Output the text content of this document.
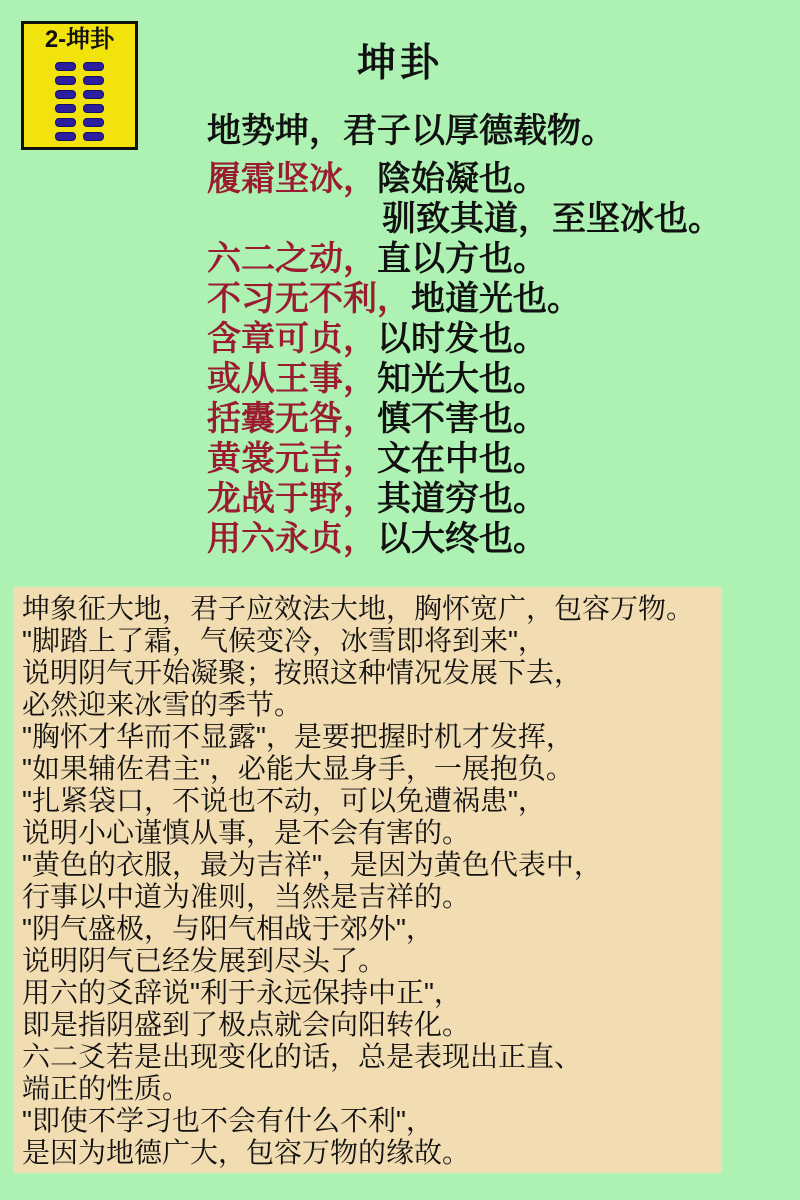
2-坤卦
坤卦
地势坤，君子以厚德载物。
履霜坚冰，陰始凝也。
驯致其道，至坚冰也。
六二之动，直以方也。
不习无不利，地道光也。
含章可贞，以时发也。
或从王事，知光大也。
括囊无咎，慎不害也。
黄裳元吉，文在中也。
龙战于野，其道穷也。
用六永贞，以大终也。
坤象征大地，君子应效法大地，胸怀宽广，包容万物。
"脚踏上了霜，气候变冷，冰雪即将到来"，
说明阴气开始凝聚；按照这种情况发展下去，
必然迎来冰雪的季节。
"胸怀才华而不显露"，是要把握时机才发挥，
"如果辅佐君主"，必能大显身手，一展抱负。
"扎紧袋口，不说也不动，可以免遭祸患"，
说明小心谨慎从事，是不会有害的。
"黄色的衣服，最为吉祥"，是因为黄色代表中，
行事以中道为准则，当然是吉祥的。
"阴气盛极，与阳气相战于郊外"，
说明阴气已经发展到尽头了。
用六的爻辞说"利于永远保持中正"，
即是指阴盛到了极点就会向阳转化。
六二爻若是出现变化的话，总是表现出正直、
端正的性质。
"即使不学习也不会有什么不利"，
是因为地德广大，包容万物的缘故。
